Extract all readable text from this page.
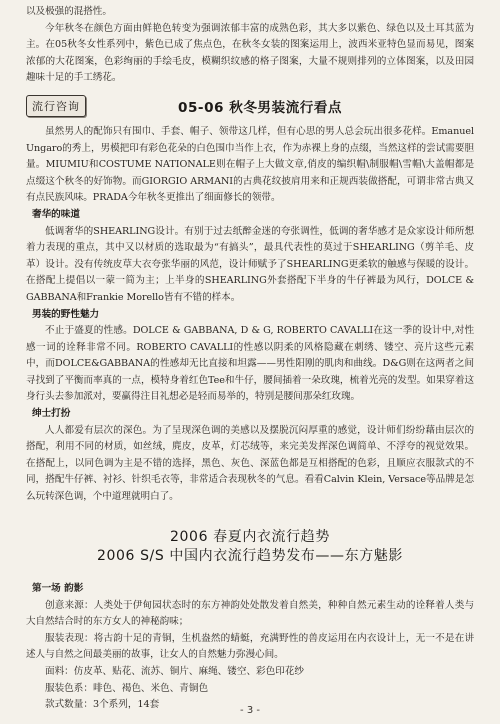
以及极强的混搭性。

今年秋冬在颜色方面由鲜艳色转变为强调浓郁丰富的成熟色彩，其大多以紫色、绿色以及土耳其蓝为主。在05秋冬女性系列中，紫色已成了焦点色，在秋冬女装的图案运用上，波西米亚特色显而易见，图案浓郁的大花图案，色彩绚丽的手绘毛皮，模糊织纹感的格子图案，大量不规则排列的立体图案，以及田园趣味十足的手工绣花。

流行咨询	05-06 秋冬男装流行看点

虽然男人的配饰只有围巾、手套、帽子、领带这几样，但有心思的男人总会玩出很多花样。Emanuel Ungaro的秀上，男模把印有彩色花朵的白色围巾当作上衣，作为赤裸上身的点缀，当然这样的尝试需要胆量。MIUMIU和COSTUME NATIONALE则在帽子上大做文章,俏皮的编织帽\制服帽\雪帽\大盖帽都是点缀这个秋冬的好饰物。而GIORGIO ARMANI的古典花纹披肩用来和正规西装做搭配，可谓非常古典又有点民族风味。PRADA今年秋冬更推出了细面修长的领带。

奢华的味道

低调奢华的SHEARLING设计。有别于过去纸醉金迷的夸张调性，低调的奢华感才是众家设计师所想着力表现的重点，其中又以材质的选取最为“有搞头”，最具代表性的莫过于SHEARLING（剪羊毛、皮革）设计。没有传统皮草大衣夸张华丽的风范，设计师赋予了SHEARLING更柔软的触感与保暖的设计。在搭配上提倡以一蒙一简为主；上半身的SHEARLING外套搭配下半身的牛仔裤最为风行，DOLCE & GABBANA和Frankie Morello皆有不错的样本。

男装的野性魅力

不止于盛夏的性感。DOLCE & GABBANA, D & G, ROBERTO CAVALLI在这一季的设计中,对性感一词的诠释非常不同。ROBERTO CAVALLI的性感以阴柔的风格隐藏在刺绣、镂空、亮片这些元素中，而DOLCE&GABBANA的性感却无比直接和坦露——男性阳刚的肌肉和曲线。D&G则在这两者之间寻找到了平衡而率真的一点，模特身着红色Tee和牛仔，腰间插着一朵玫瑰，梳着光亮的发型。如果穿着这身行头去参加派对，要赢得注目礼想必是轻而易举的，特别是腰间那朵红玫瑰。

绅士打扮

人人都爱有层次的深色。为了呈现深色调的美感以及摆脱沉闷厚重的感觉，设计师们纷纷藉由层次的搭配，利用不同的材质，如丝绒，麂皮，皮革，灯芯绒等，来完美发挥深色调简单、不浮夸的视觉效果。在搭配上，以同色调为主是不错的选择，黑色、灰色、深蓝色都是互相搭配的色彩，且顺应衣服款式的不同，搭配牛仔裤、衬衫、针织毛衣等，非常适合表现秋冬的气息。看看Calvin Klein, Versace等品牌是怎么玩转深色调，个中道理就明白了。

2006 春夏内衣流行趋势
2006 S/S 中国内衣流行趋势发布——东方魅影
第一场 韵影

创意来源：人类处于伊甸园状态时的东方神韵处处散发着自然美，种种自然元素生动的诠释着人类与大自然结合时的东方女人的神秘韵味；

服装表现：将古韵十足的青铜，生机盎然的蜻蜓，充满野性的兽皮运用在内衣设计上，无一不是在讲述人与自然之间最美丽的故事，让女人的自然魅力弥漫心间。

面料：仿皮革、贴花、流苏、铜片、麻绳、镂空、彩色印花纱
服装色系：啡色、褐色、米色、青铜色
款式数量：3个系列，14套
- 3 -
